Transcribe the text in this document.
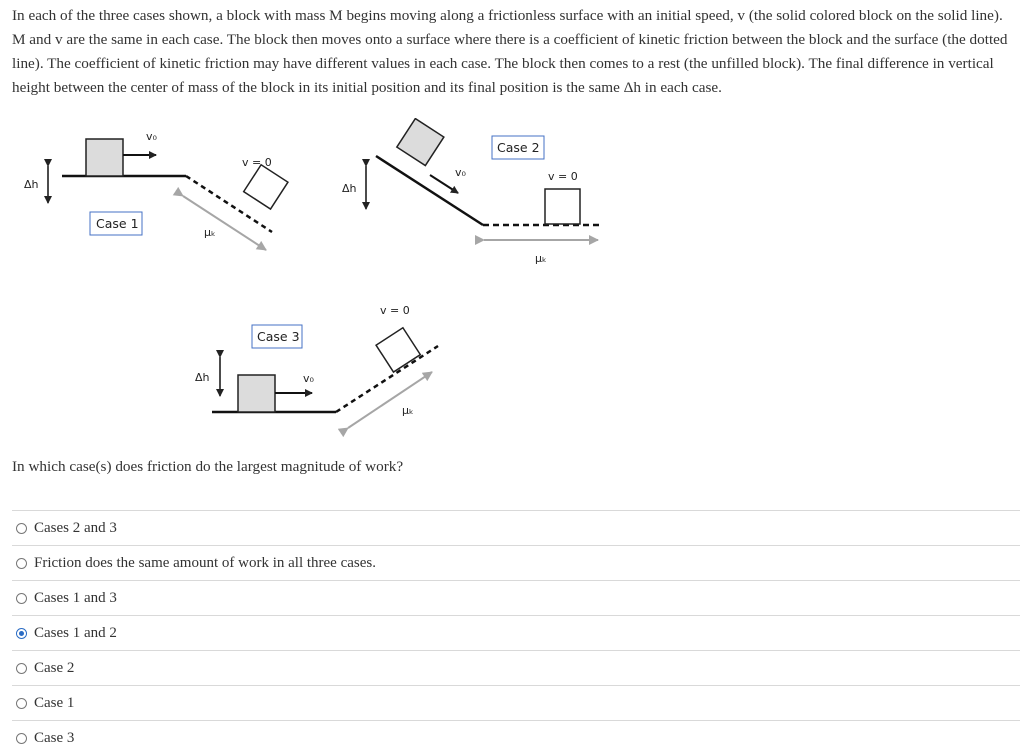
In each of the three cases shown, a block with mass M begins moving along a frictionless surface with an initial speed, v (the solid colored block on the solid line). M and v are the same in each case. The block then moves onto a surface where there is a coefficient of kinetic friction between the block and the surface (the dotted line). The coefficient of kinetic friction may have different values in each case. The block then comes to a rest (the unfilled block). The final difference in vertical height between the center of mass of the block in its initial position and its final position is the same Δh in each case.
v₀
v = 0
μₖ
Δh
Case 1
v₀	v = 0
μₖ
Δh
Case 2
v₀
v = 0
μₖ
Δh
Case 3
In which case(s) does friction do the largest magnitude of work?
Cases 2 and 3
Friction does the same amount of work in all three cases.
Cases 1 and 3
Cases 1 and 2
Case 2
Case 1
Case 3
